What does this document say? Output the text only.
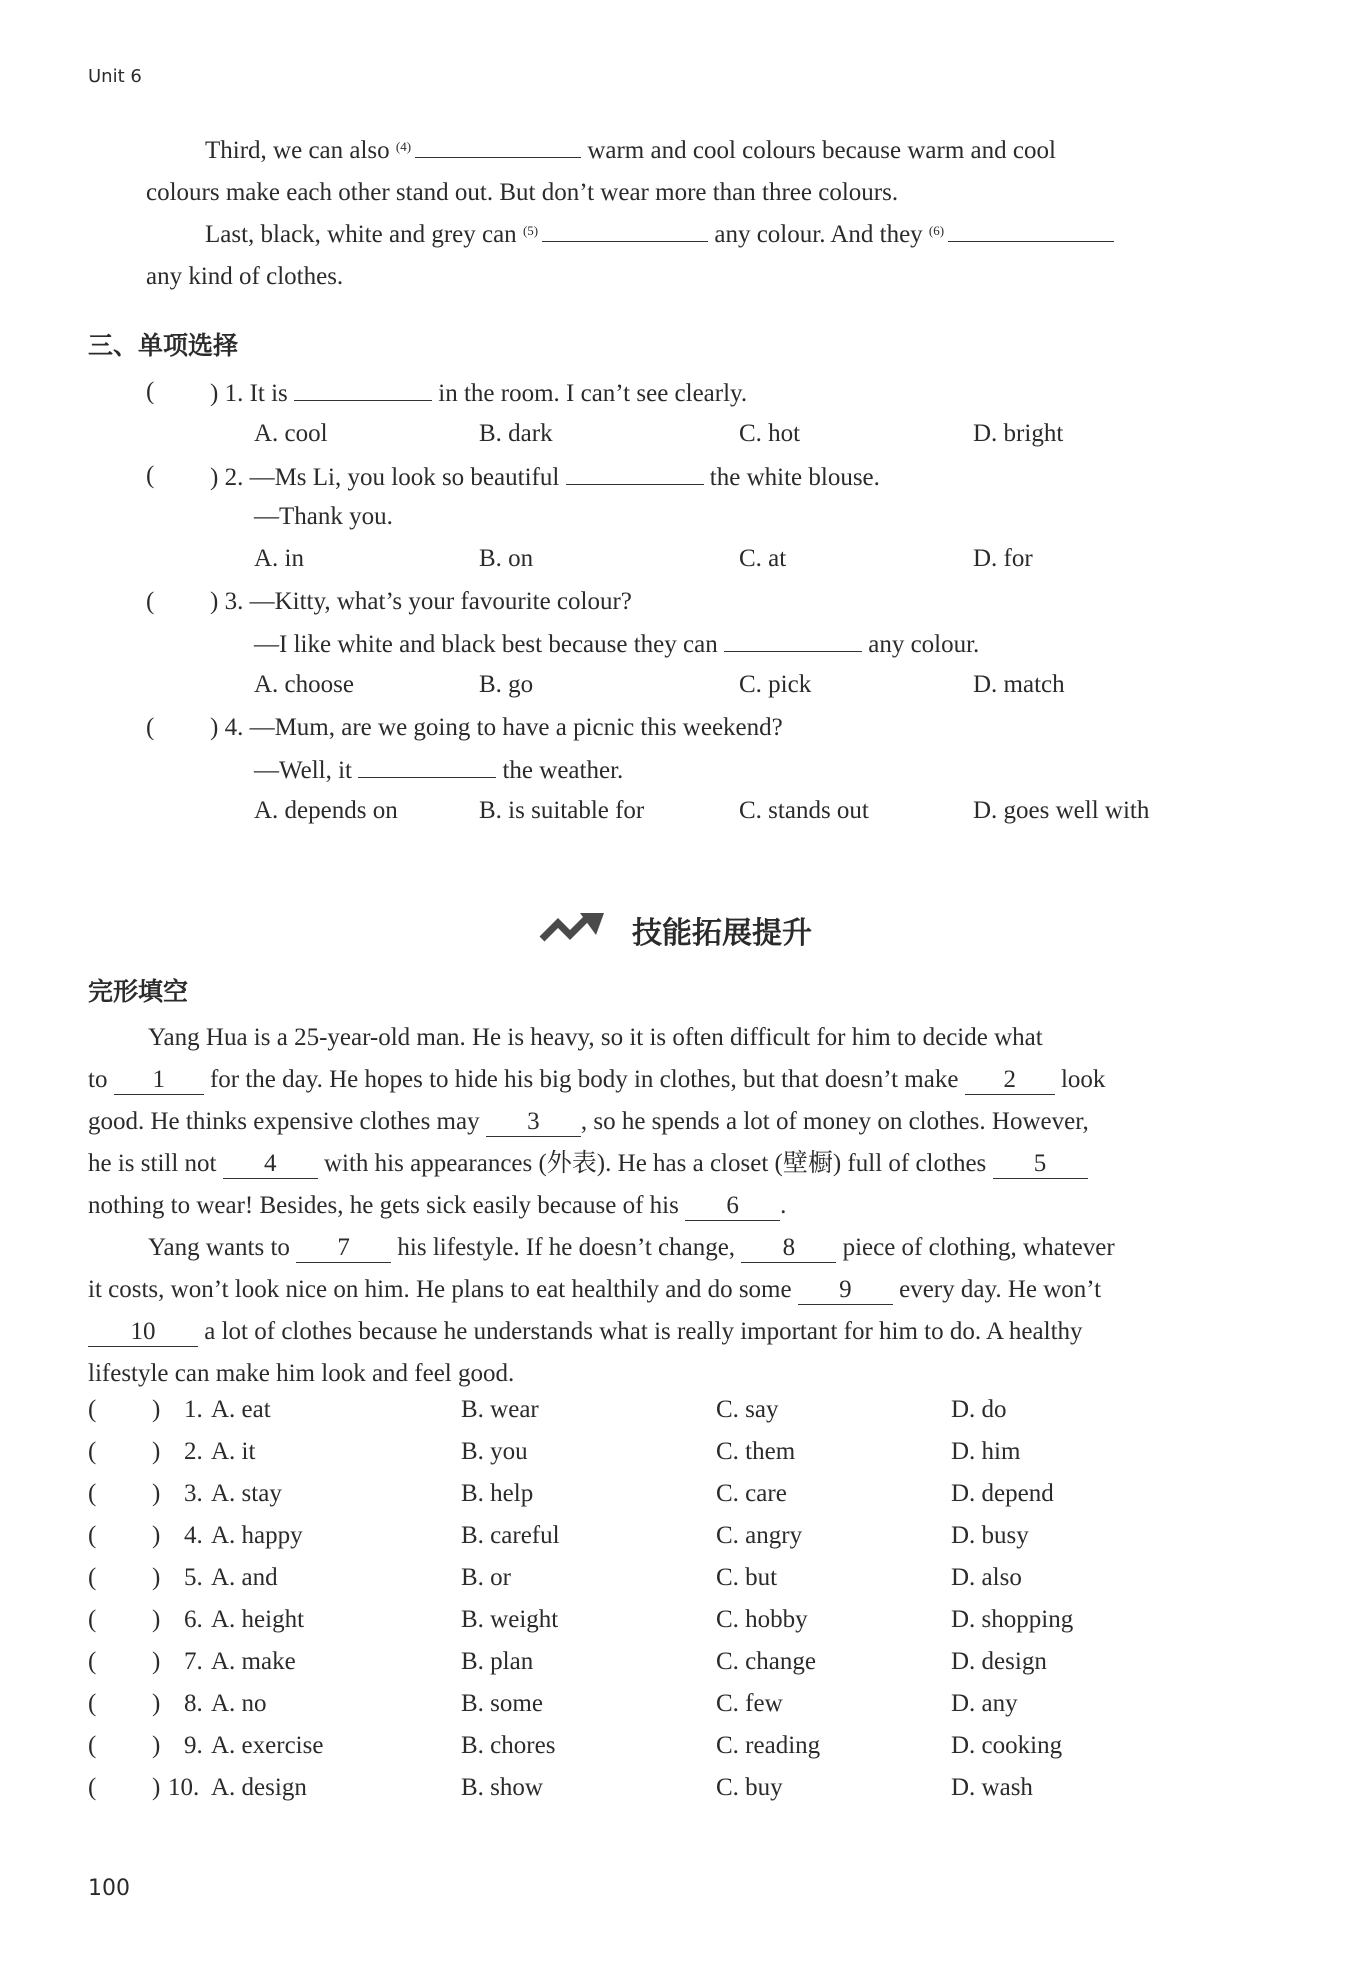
Unit 6
Third, we can also $^{(4)}$	warm and cool colours because warm and cool
colours make each other stand out. But don’t wear more than three colours.
Last, black, white and grey can $^{(5)}$	any colour. And they $^{(6)}$
any kind of clothes.
三、单项选择
( ) 1. It is	in the room. I can’t see clearly.
A. cool	B. dark	C. hot	D. bright
( ) 2. —Ms Li, you look so beautiful	the white blouse.
—Thank you.
A. in	B. on	C. at	D. for
( ) 3. —Kitty, what’s your favourite colour?
—I like white and black best because they can	any colour.
A. choose	B. go	C. pick	D. match
( ) 4. —Mum, are we going to have a picnic this weekend?
—Well, it	the weather.
A. depends on	B. is suitable for	C. stands out	D. goes well with
技能拓展提升
完形填空
Yang Hua is a 25-year-old man. He is heavy, so it is often difficult for him to decide what
to 1 for the day. He hopes to hide his big body in clothes, but that doesn’t make 2 look
good. He thinks expensive clothes may 3 , so he spends a lot of money on clothes. However,
he is still not 4 with his appearances (外表). He has a closet (壁橱) full of clothes 5
nothing to wear! Besides, he gets sick easily because of his 6 .
Yang wants to 7 his lifestyle. If he doesn’t change, 8 piece of clothing, whatever
it costs, won’t look nice on him. He plans to eat healthily and do some 9 every day. He won’t
10 a lot of clothes because he understands what is really important for him to do. A healthy
lifestyle can make him look and feel good.
( ) 1. A. eat	B. wear	C. say	D. do
( ) 2. A. it	B. you	C. them	D. him
( ) 3. A. stay	B. help	C. care	D. depend
( ) 4. A. happy	B. careful	C. angry	D. busy
( ) 5. A. and	B. or	C. but	D. also
( ) 6. A. height	B. weight	C. hobby	D. shopping
( ) 7. A. make	B. plan	C. change	D. design
( ) 8. A. no	B. some	C. few	D. any
( ) 9. A. exercise	B. chores	C. reading	D. cooking
( ) 10. A. design	B. show	C. buy	D. wash
100
